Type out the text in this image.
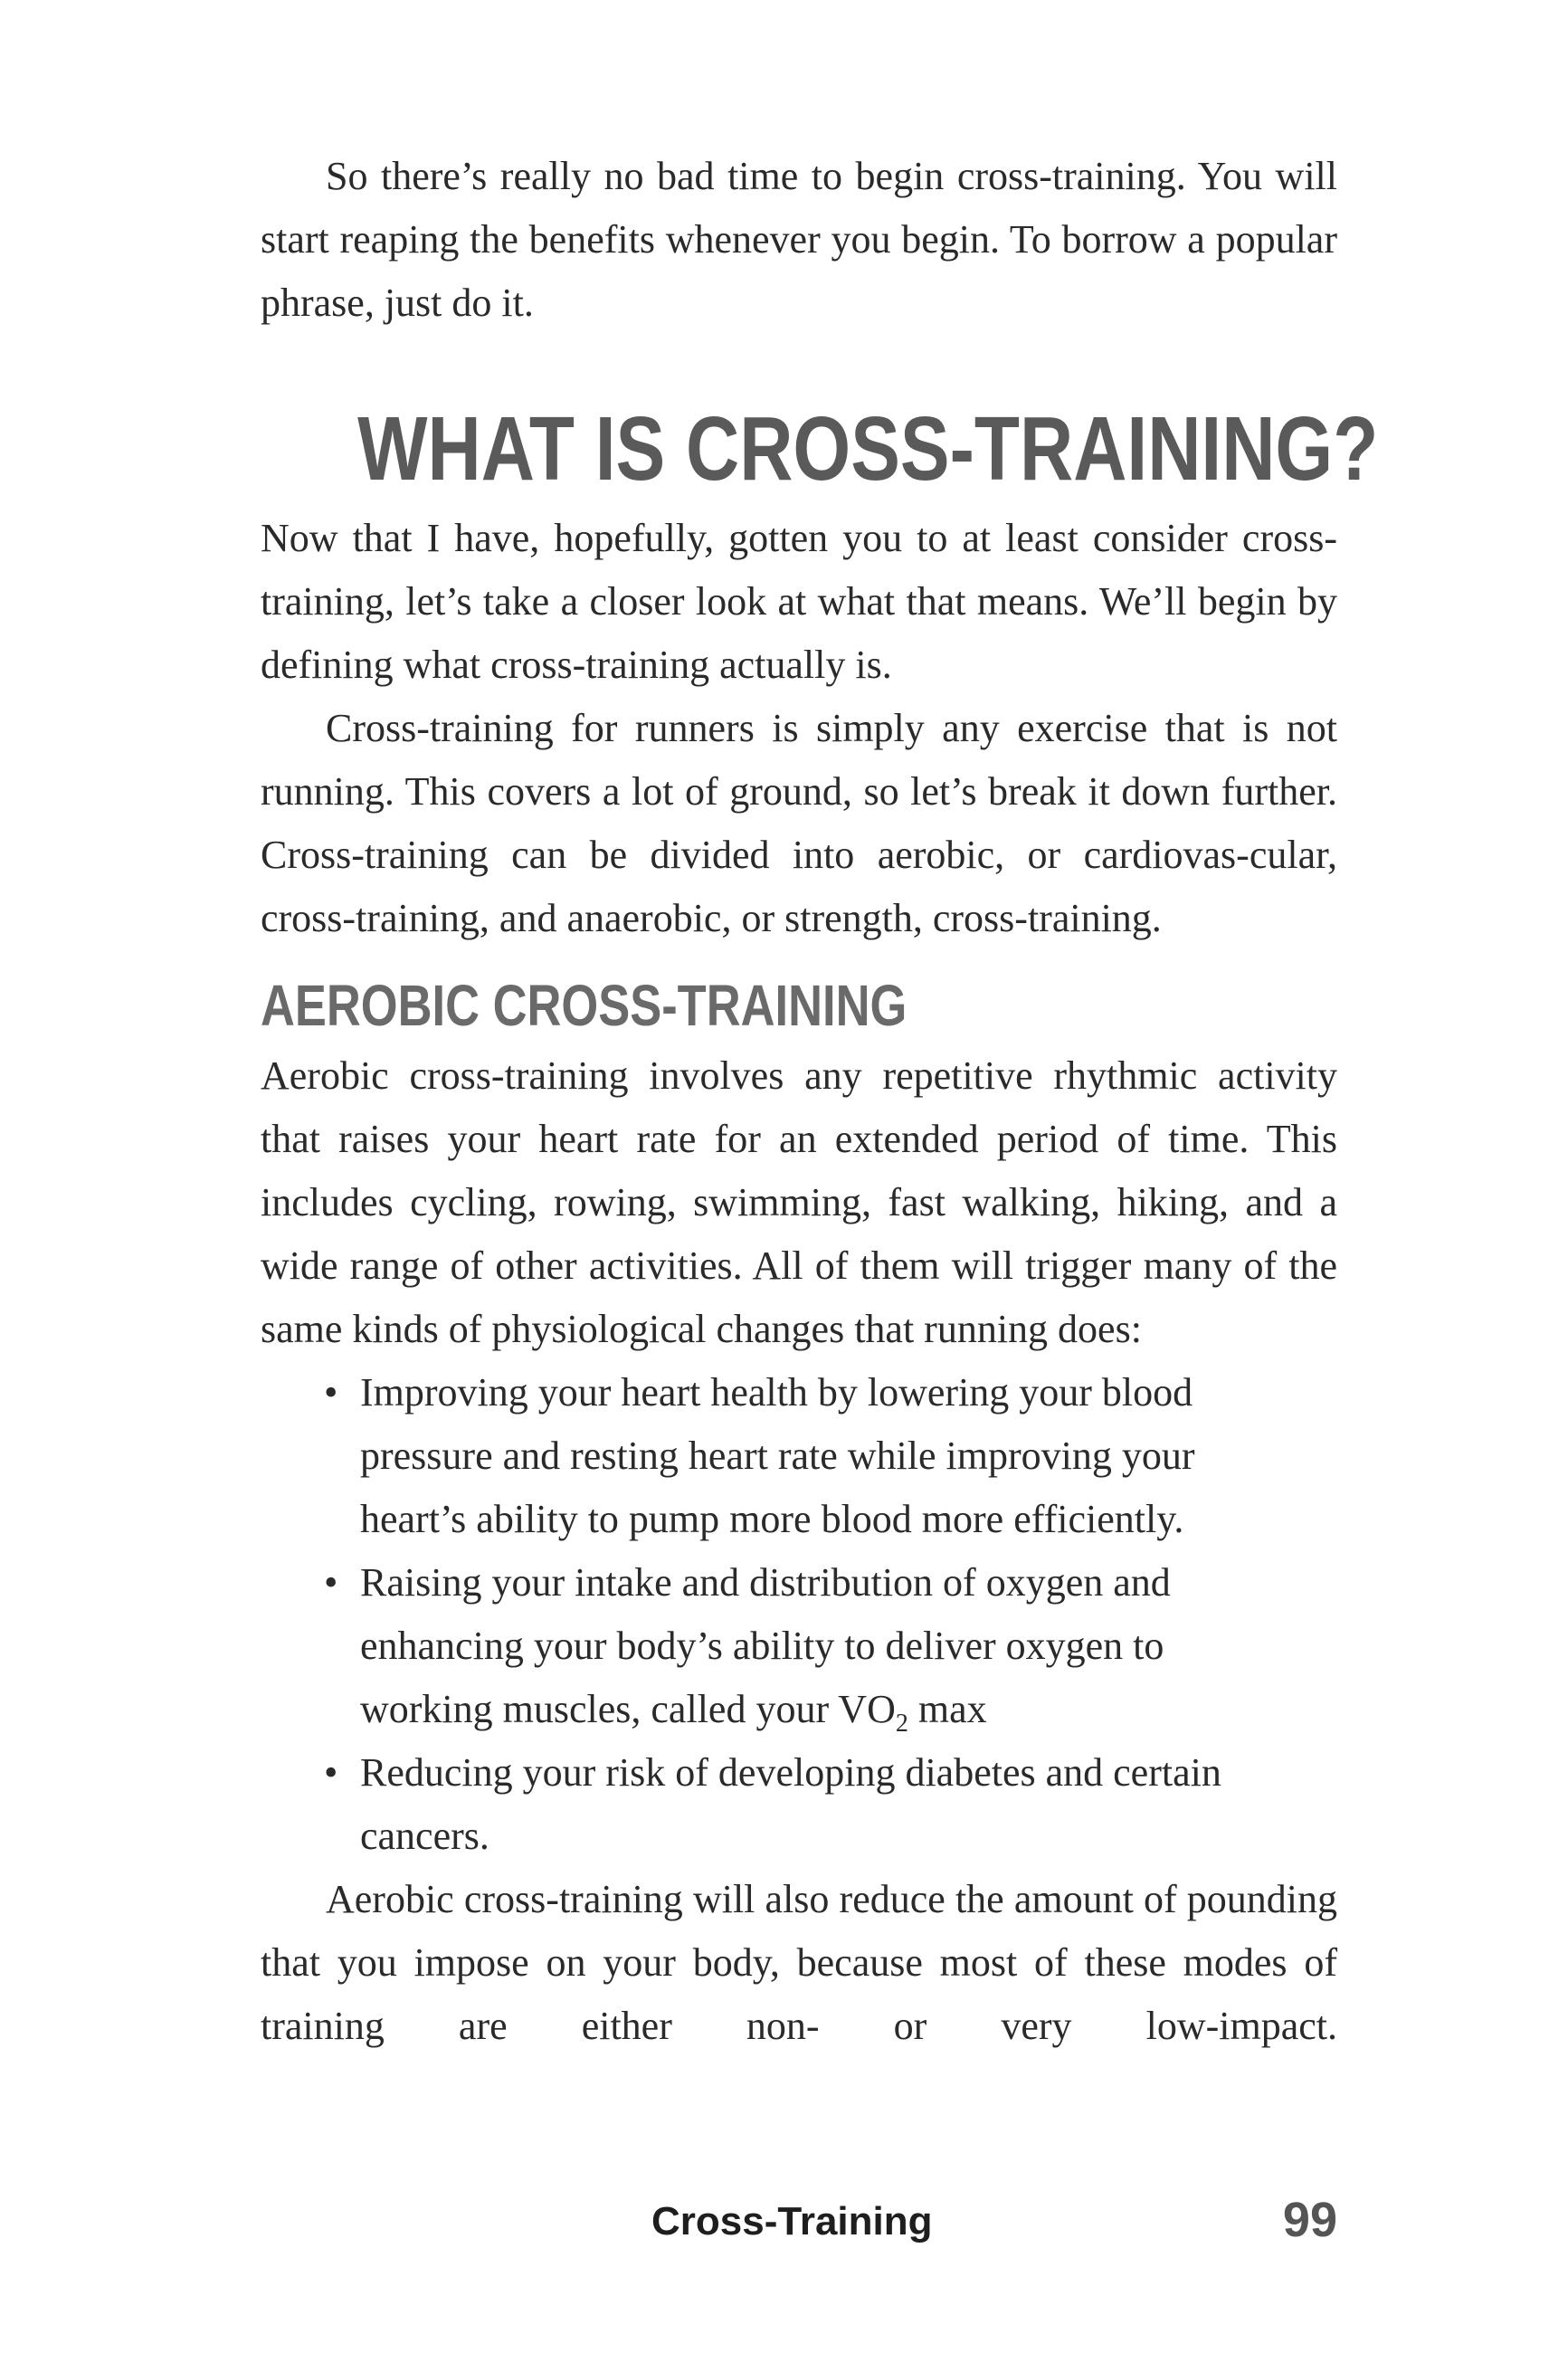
So there’s really no bad time to begin cross-training. You will start reaping the benefits whenever you begin. To borrow a popular phrase, just do it.

WHAT IS CROSS-TRAINING?

Now that I have, hopefully, gotten you to at least consider cross-training, let’s take a closer look at what that means. We’ll begin by defining what cross-training actually is.

Cross-training for runners is simply any exercise that is not running. This covers a lot of ground, so let’s break it down further. Cross-training can be divided into aerobic, or cardiovas-cular, cross-training, and anaerobic, or strength, cross-training.

AEROBIC CROSS-TRAINING

Aerobic cross-training involves any repetitive rhythmic activity that raises your heart rate for an extended period of time. This includes cycling, rowing, swimming, fast walking, hiking, and a wide range of other activities. All of them will trigger many of the same kinds of physiological changes that running does:

• Improving your heart health by lowering your blood pressure and resting heart rate while improving your heart’s ability to pump more blood more efficiently.
• Raising your intake and distribution of oxygen and enhancing your body’s ability to deliver oxygen to working muscles, called your $VO_2$ max
• Reducing your risk of developing diabetes and certain cancers.

Aerobic cross-training will also reduce the amount of pounding that you impose on your body, because most of these modes of training are either non- or very low-impact.

Cross-Training	99
